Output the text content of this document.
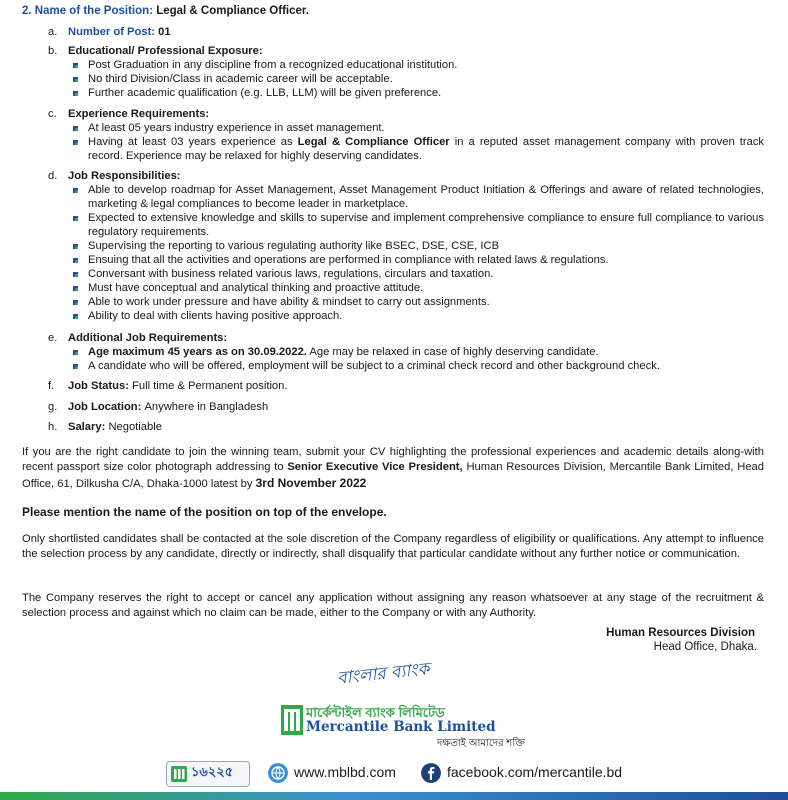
2. Name of the Position: Legal & Compliance Officer.
a. Number of Post: 01
b. Educational/ Professional Exposure:
Post Graduation in any discipline from a recognized educational institution.
No third Division/Class in academic career will be acceptable.
Further academic qualification (e.g. LLB, LLM) will be given preference.
c. Experience Requirements:
At least 05 years industry experience in asset management.
Having at least 03 years experience as Legal & Compliance Officer in a reputed asset management company with proven track record. Experience may be relaxed for highly deserving candidates.
d. Job Responsibilities:
Able to develop roadmap for Asset Management, Asset Management Product Initiation & Offerings and aware of related technologies, marketing & legal compliances to become leader in marketplace.
Expected to extensive knowledge and skills to supervise and implement comprehensive compliance to ensure full compliance to various regulatory requirements.
Supervising the reporting to various regulating authority like BSEC, DSE, CSE, ICB
Ensuing that all the activities and operations are performed in compliance with related laws & regulations.
Conversant with business related various laws, regulations, circulars and taxation.
Must have conceptual and analytical thinking and proactive attitude.
Able to work under pressure and have ability & mindset to carry out assignments.
Ability to deal with clients having positive approach.
e. Additional Job Requirements:
Age maximum 45 years as on 30.09.2022. Age may be relaxed in case of highly deserving candidate.
A candidate who will be offered, employment will be subject to a criminal check record and other background check.
f. Job Status: Full time & Permanent position.
g. Job Location: Anywhere in Bangladesh
h. Salary: Negotiable
If you are the right candidate to join the winning team, submit your CV highlighting the professional experiences and academic details along-with recent passport size color photograph addressing to Senior Executive Vice President, Human Resources Division, Mercantile Bank Limited, Head Office, 61, Dilkusha C/A, Dhaka-1000 latest by 3rd November 2022
Please mention the name of the position on top of the envelope.
Only shortlisted candidates shall be contacted at the sole discretion of the Company regardless of eligibility or qualifications. Any attempt to influence the selection process by any candidate, directly or indirectly, shall disqualify that particular candidate without any further notice or communication.
The Company reserves the right to accept or cancel any application without assigning any reason whatsoever at any stage of the recruitment & selection process and against which no claim can be made, either to the Company or with any Authority.
Human Resources Division
Head Office, Dhaka.
বাংলার ব্যাংক
মার্কেন্টাইল ব্যাংক লিমিটেড
Mercantile Bank Limited
দক্ষতাই আমাদের শক্তি
১৬২২৫	www.mblbd.com	facebook.com/mercantile.bd
